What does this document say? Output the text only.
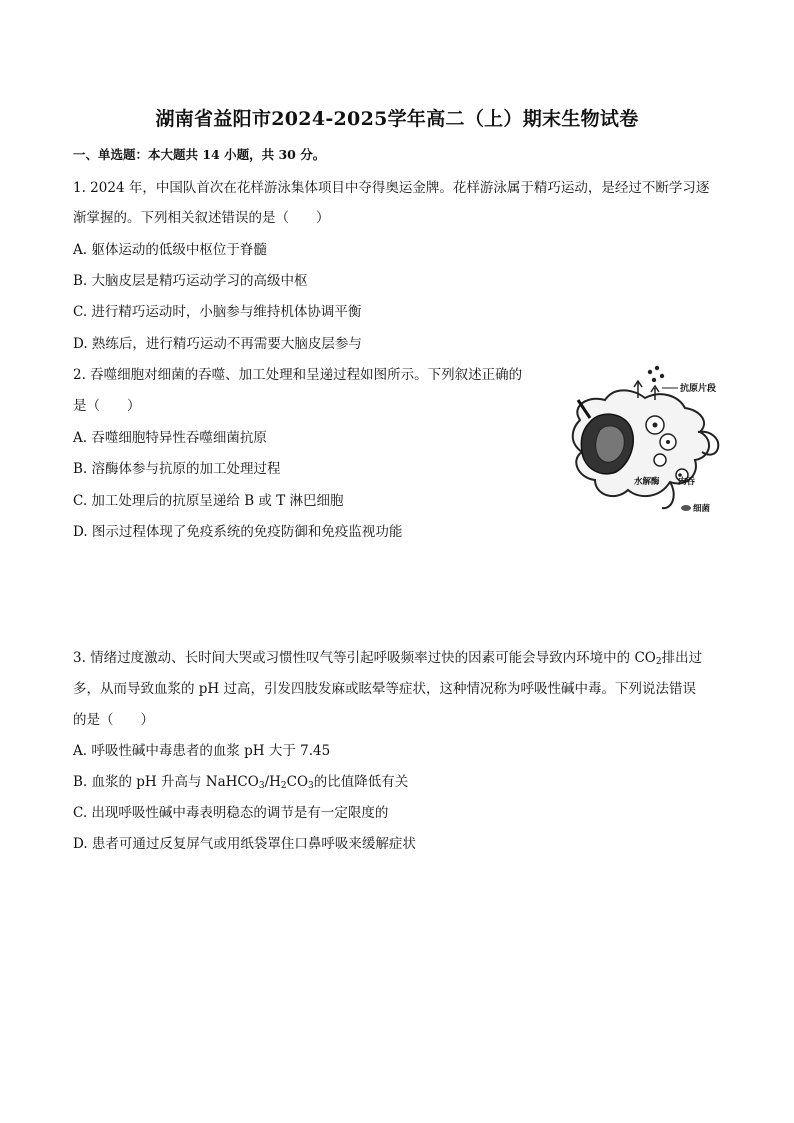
湖南省益阳市2024-2025学年高二（上）期末生物试卷
一、单选题：本大题共 14 小题，共 30 分。
1. 2024 年，中国队首次在花样游泳集体项目中夺得奥运金牌。花样游泳属于精巧运动，是经过不断学习逐
渐掌握的。下列相关叙述错误的是（　　）
A. 躯体运动的低级中枢位于脊髓
B. 大脑皮层是精巧运动学习的高级中枢
C. 进行精巧运动时，小脑参与维持机体协调平衡
D. 熟练后，进行精巧运动不再需要大脑皮层参与
2. 吞噬细胞对细菌的吞噬、加工处理和呈递过程如图所示。下列叙述正确的
是（　　）
A. 吞噬细胞特异性吞噬细菌抗原
B. 溶酶体参与抗原的加工处理过程
C. 加工处理后的抗原呈递给 B 或 T 淋巴细胞
D. 图示过程体现了免疫系统的免疫防御和免疫监视功能
抗原片段
水解酶 内吞
细菌
3. 情绪过度激动、长时间大哭或习惯性叹气等引起呼吸频率过快的因素可能会导致内环境中的 $CO_2$排出过
多，从而导致血浆的 pH 过高，引发四肢发麻或眩晕等症状，这种情况称为呼吸性碱中毒。下列说法错误
的是（　　）
A. 呼吸性碱中毒患者的血浆 pH 大于 7.45
B. 血浆的 pH 升高与 $NaHCO_3/H_2CO_3$的比值降低有关
C. 出现呼吸性碱中毒表明稳态的调节是有一定限度的
D. 患者可通过反复屏气或用纸袋罩住口鼻呼吸来缓解症状
